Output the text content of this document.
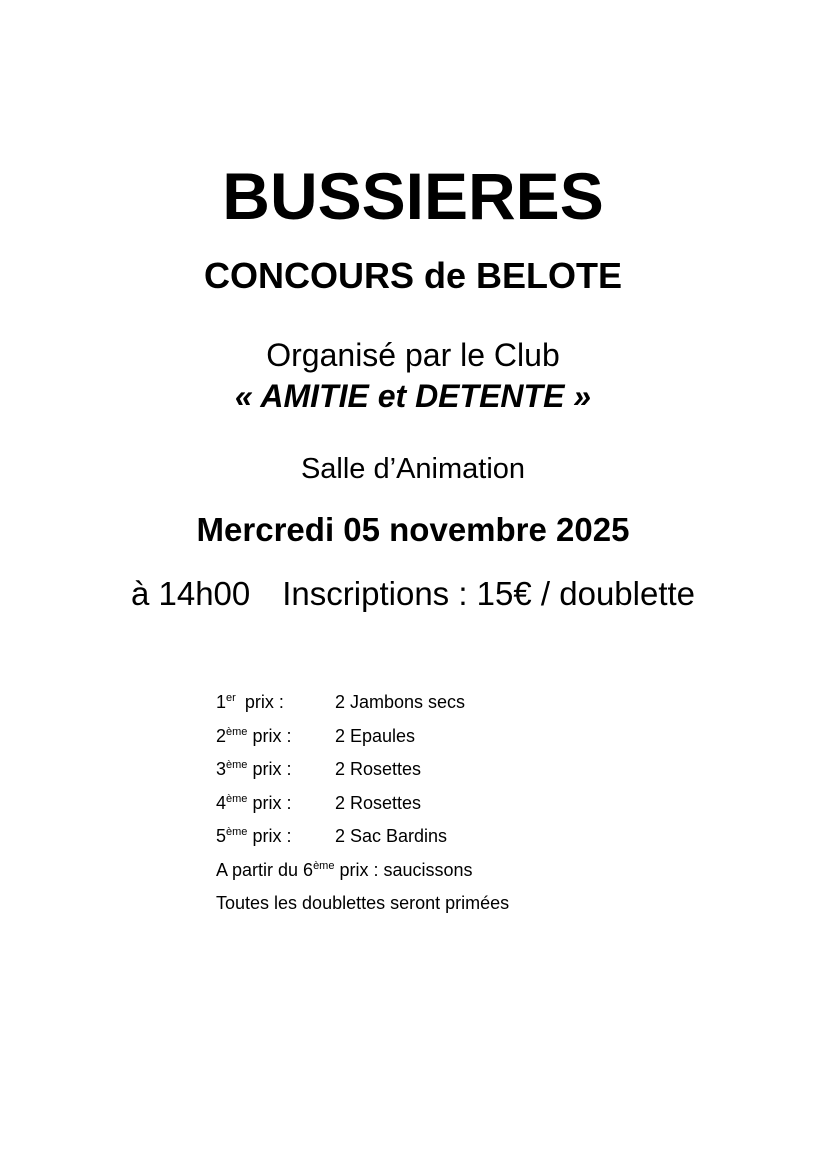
BUSSIERES
CONCOURS de BELOTE

Organisé par le Club

« AMITIE et DETENTE »

Salle d’Animation

Mercredi 05 novembre 2025

à 14h00 Inscriptions : 15€ / doublette

1er prix :	2 Jambons secs
2ème prix : 2 Epaules
3ème prix : 2 Rosettes
4ème prix : 2 Rosettes
5ème prix : 2 Sac Bardins
A partir du 6ème prix : saucissons
Toutes les doublettes seront primées
